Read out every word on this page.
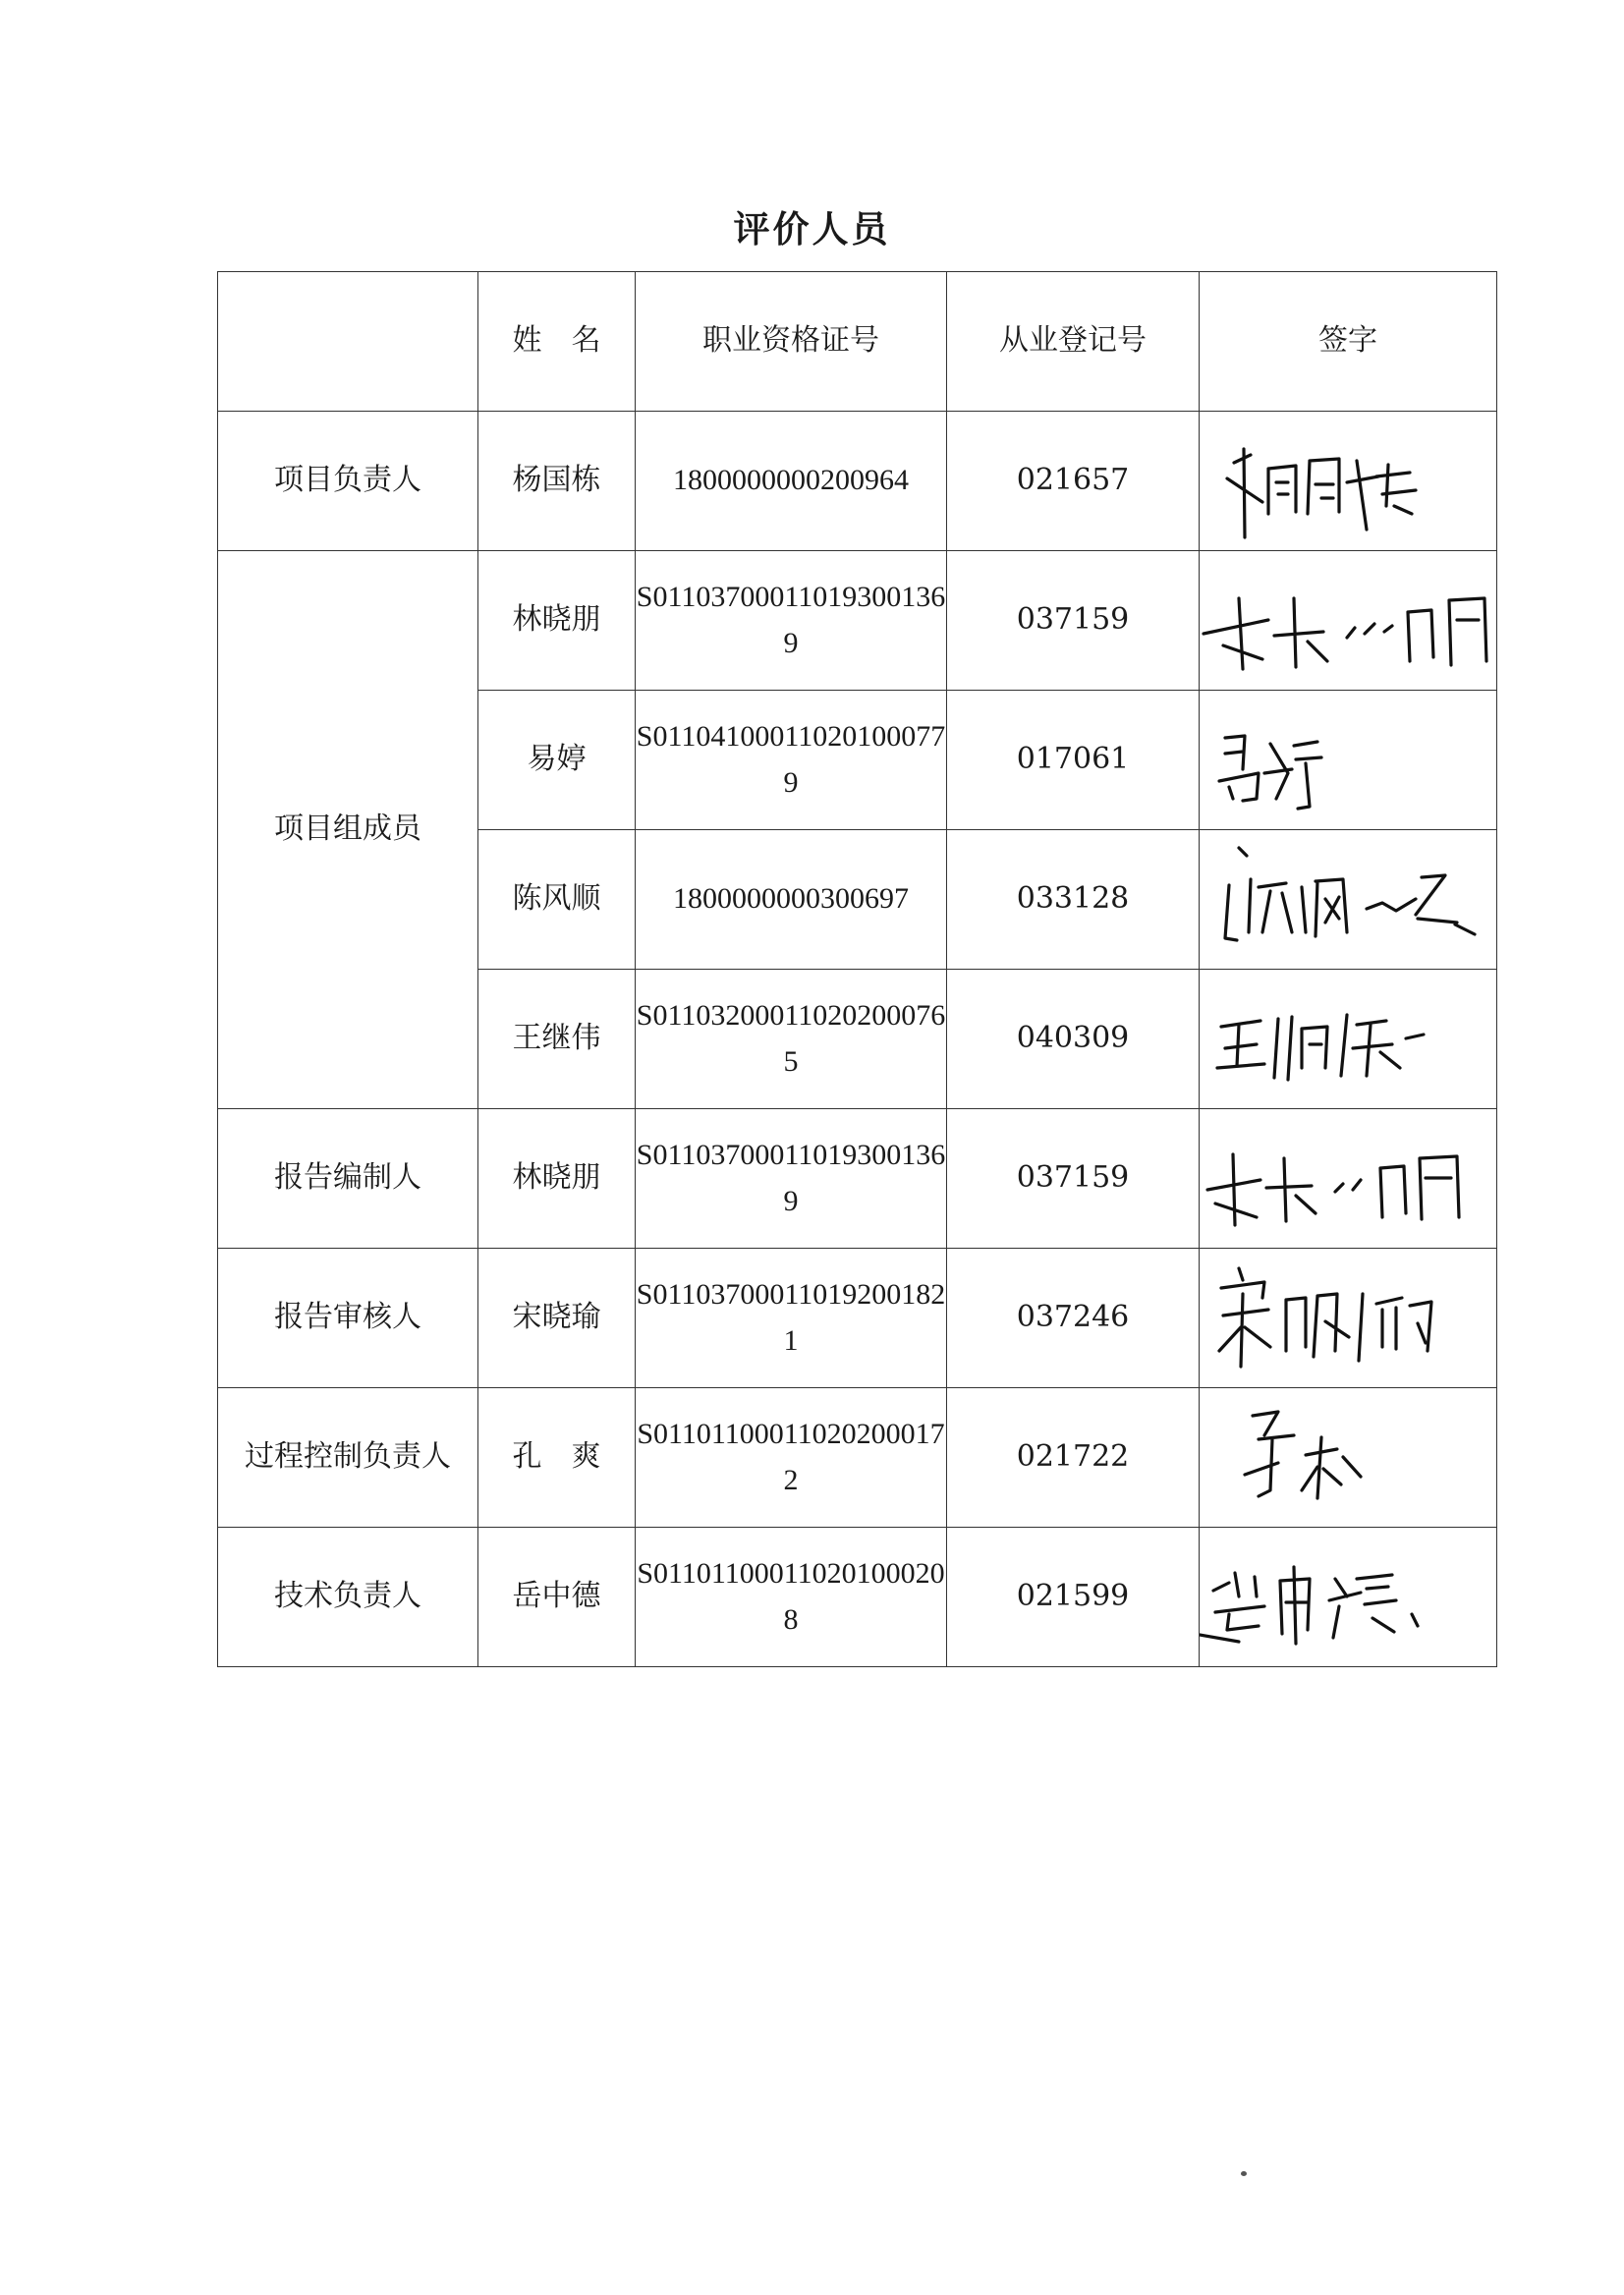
评价人员
	姓　名	职业资格证号	从业登记号	签字
项目负责人	杨国栋	1800000000200964	021657	

项目组成员	林晓朋	S011037000110193001369	037159	

	易婷	S011041000110201000779	017061	

	陈风顺	1800000000300697	033128	

	王继伟	S011032000110202000765	040309	

报告编制人	林晓朋	S011037000110193001369	037159	

报告审核人	宋晓瑜	S011037000110192001821	037246	

过程控制负责人	孔　爽	S011011000110202000172	021722	

技术负责人	岳中德	S011011000110201000208	021599	
